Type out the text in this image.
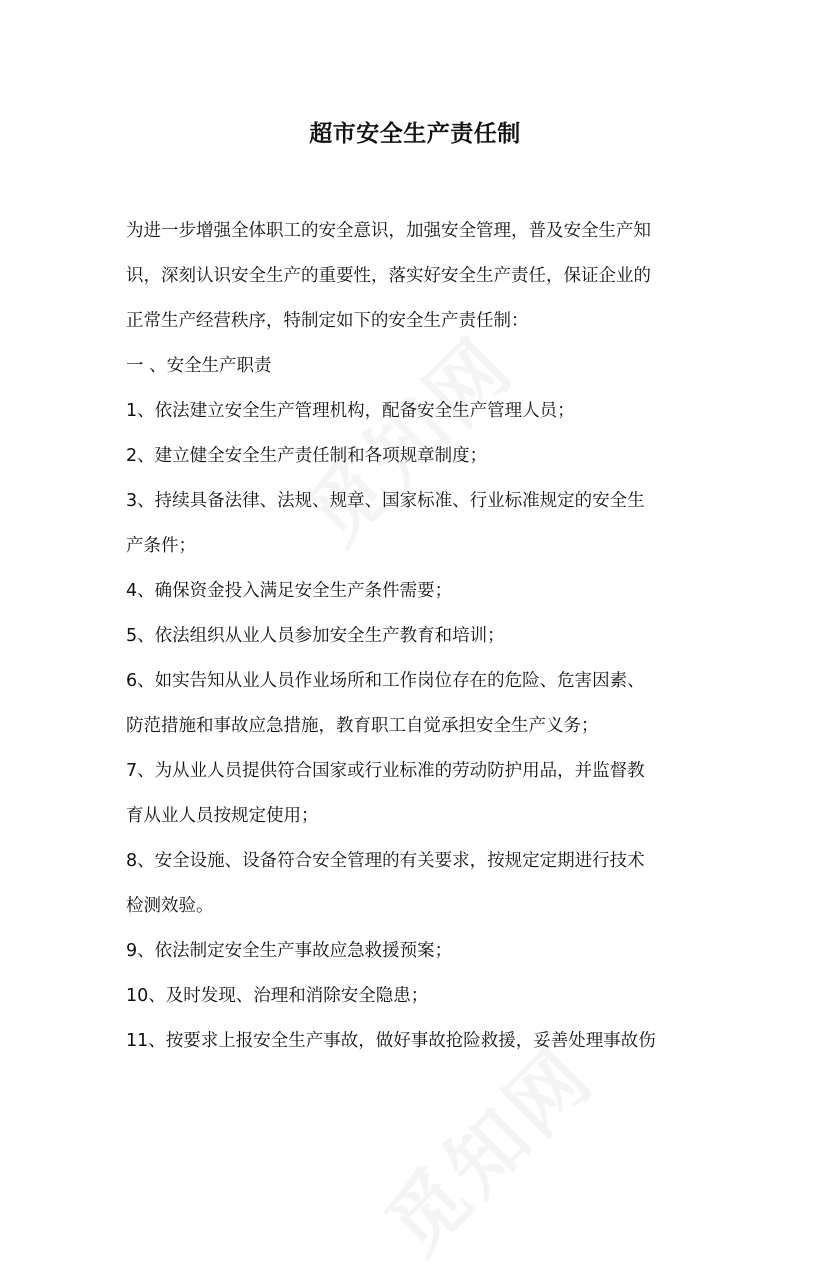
超市安全生产责任制
为进一步增强全体职工的安全意识，加强安全管理，普及安全生产知
识，深刻认识安全生产的重要性，落实好安全生产责任，保证企业的
正常生产经营秩序，特制定如下的安全生产责任制：
一 、安全生产职责
1、依法建立安全生产管理机构，配备安全生产管理人员；
2、建立健全安全生产责任制和各项规章制度；
3、持续具备法律、法规、规章、国家标准、行业标准规定的安全生
产条件；
4、确保资金投入满足安全生产条件需要；
5、依法组织从业人员参加安全生产教育和培训；
6、如实告知从业人员作业场所和工作岗位存在的危险、危害因素、
防范措施和事故应急措施，教育职工自觉承担安全生产义务；
7、为从业人员提供符合国家或行业标准的劳动防护用品，并监督教
育从业人员按规定使用；
8、安全设施、设备符合安全管理的有关要求，按规定定期进行技术
检测效验。
9、依法制定安全生产事故应急救援预案；
10、及时发现、治理和消除安全隐患；
11、按要求上报安全生产事故，做好事故抢险救援，妥善处理事故伤
